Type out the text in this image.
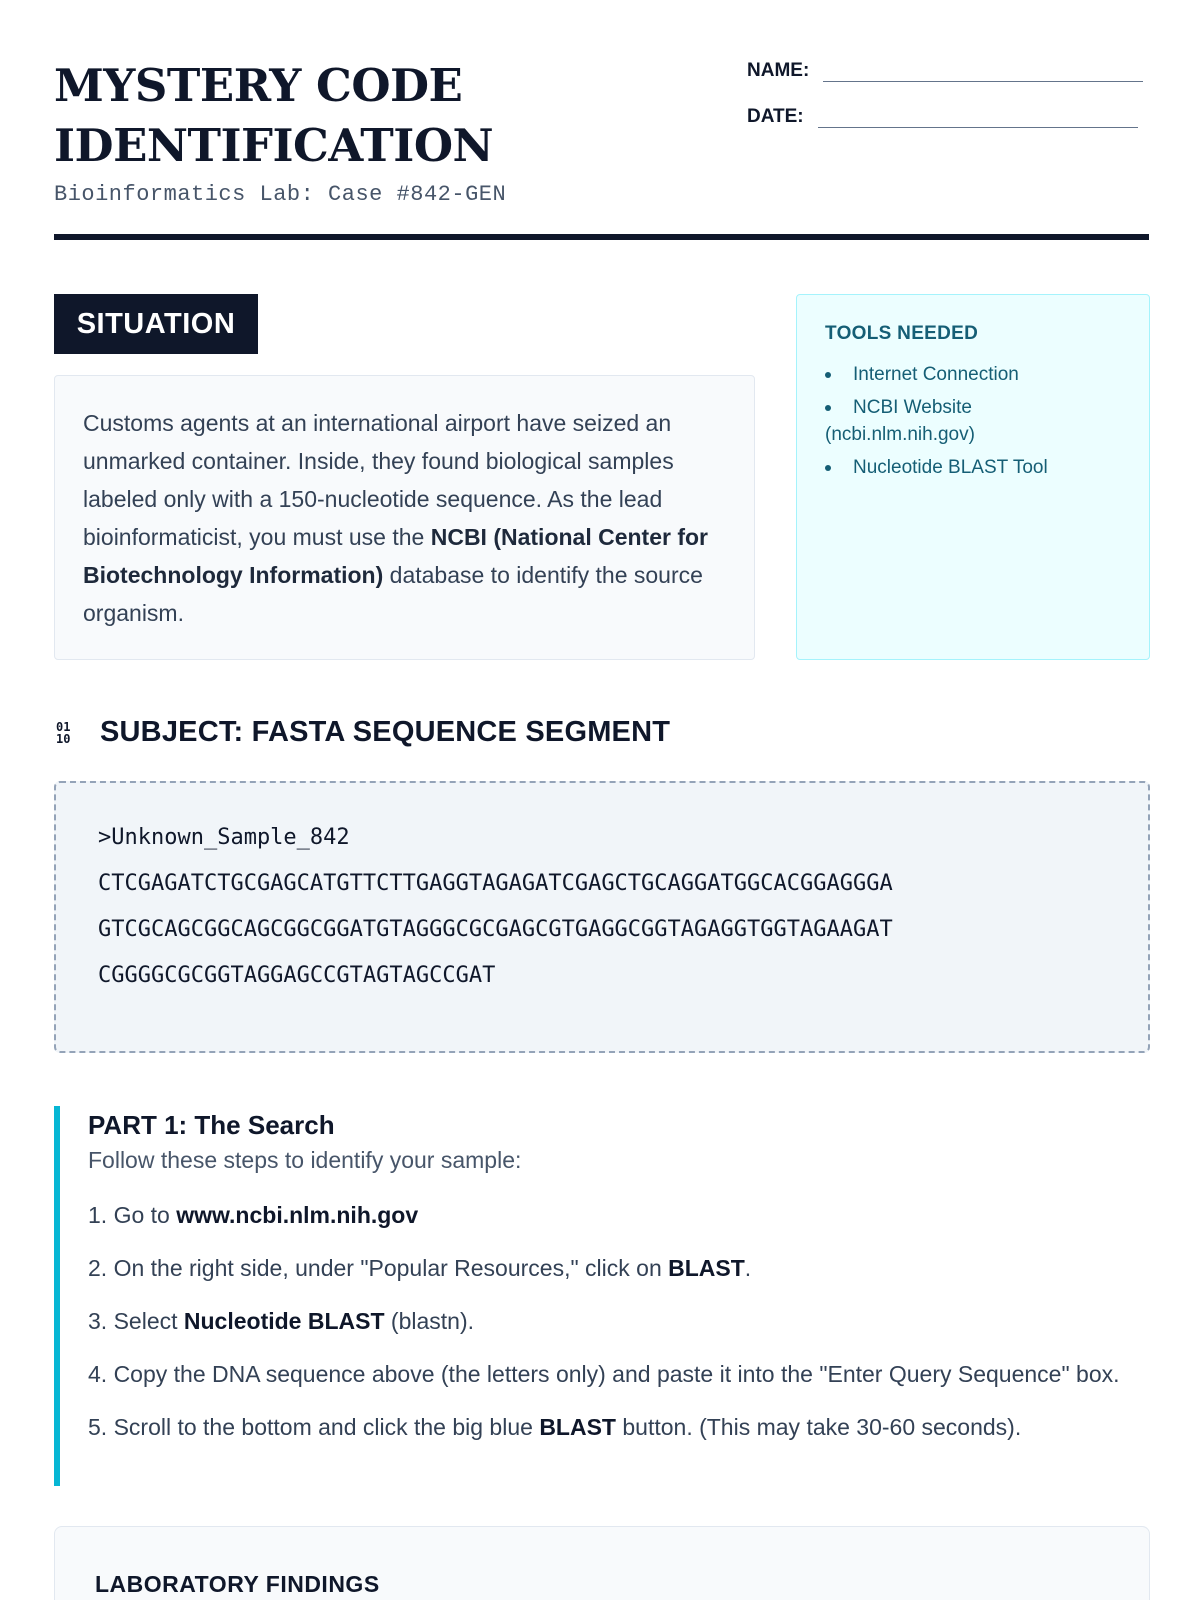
MYSTERY CODE
IDENTIFICATION
Bioinformatics Lab: Case #842-GEN
NAME:
DATE:
SITUATION
Customs agents at an international airport have seized an unmarked container. Inside, they found biological samples labeled only with a 150-nucleotide sequence. As the lead bioinformaticist, you must use the NCBI (National Center for Biotechnology Information) database to identify the source organism.
TOOLS NEEDED
Internet Connection
NCBI Website (ncbi.nlm.nih.gov)
Nucleotide BLAST Tool
01
10	SUBJECT: FASTA SEQUENCE SEGMENT
>Unknown_Sample_842
CTCGAGATCTGCGAGCATGTTCTTGAGGTAGAGATCGAGCTGCAGGATGGCACGGAGGGA
GTCGCAGCGGCAGCGGCGGATGTAGGGCGCGAGCGTGAGGCGGTAGAGGTGGTAGAAGAT
CGGGGCGCGGTAGGAGCCGTAGTAGCCGAT
PART 1: The Search
Follow these steps to identify your sample:
1. Go to www.ncbi.nlm.nih.gov
2. On the right side, under "Popular Resources," click on BLAST.
3. Select Nucleotide BLAST (blastn).
4. Copy the DNA sequence above (the letters only) and paste it into the "Enter Query Sequence" box.
5. Scroll to the bottom and click the big blue BLAST button. (This may take 30-60 seconds).
LABORATORY FINDINGS
